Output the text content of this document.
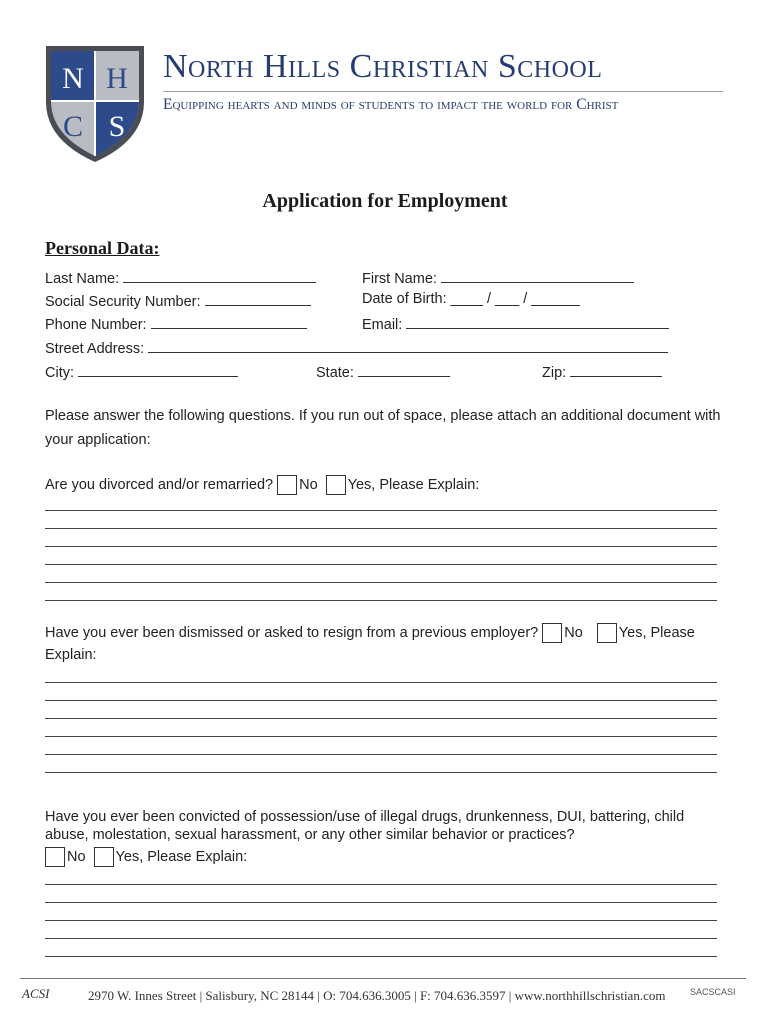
N H
C S
North Hills Christian School
Equipping hearts and minds of students to impact the world for Christ
Application for Employment
Personal Data:
Last Name:	First Name:
Social Security Number:	Date of Birth: ____ / ___ / ______
Phone Number:	Email:
Street Address:
City:	State:	Zip:
Please answer the following questions. If you run out of space, please attach an additional document with your application:
Are you divorced and/or remarried? No Yes, Please Explain:
Have you ever been dismissed or asked to resign from a previous employer? No Yes, Please
Explain:
Have you ever been convicted of possession/use of illegal drugs, drunkenness, DUI, battering, child abuse, molestation, sexual harassment, or any other similar behavior or practices?
No Yes, Please Explain:
ACSI	2970 W. Innes Street | Salisbury, NC 28144 | O: 704.636.3005 | F: 704.636.3597 | www.northhillschristian.com	SACSCASI
